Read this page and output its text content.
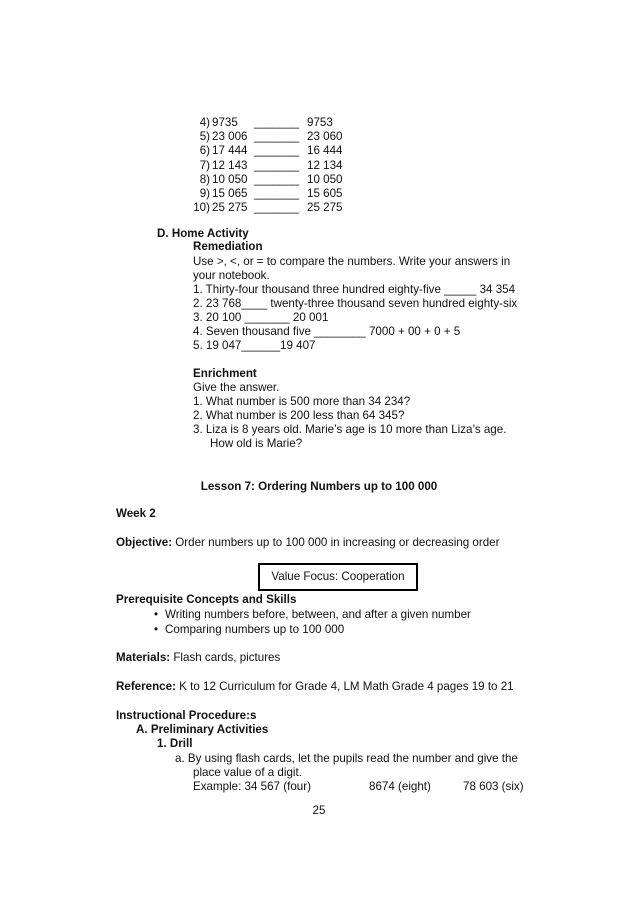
4) 9735 _______ 9753
5) 23 006 _______ 23 060
6) 17 444 _______ 16 444
7) 12 143 _______ 12 134
8) 10 050 _______ 10 050
9) 15 065 _______ 15 605
10) 25 275 _______ 25 275
D. Home Activity
Remediation
Use >, <, or = to compare the numbers. Write your answers in
your notebook.
1. Thirty-four thousand three hundred eighty-five _____ 34 354
2. 23 768____ twenty-three thousand seven hundred eighty-six
3. 20 100 _______ 20 001
4. Seven thousand five ________ 7000 + 00 + 0 + 5
5. 19 047______19 407
Enrichment
Give the answer.
1. What number is 500 more than 34 234?
2. What number is 200 less than 64 345?
3. Liza is 8 years old. Marie’s age is 10 more than Liza’s age.
How old is Marie?
Lesson 7: Ordering Numbers up to 100 000
Week 2
Objective: Order numbers up to 100 000 in increasing or decreasing order
Value Focus: Cooperation
Prerequisite Concepts and Skills
• Writing numbers before, between, and after a given number
• Comparing numbers up to 100 000
Materials: Flash cards, pictures
Reference: K to 12 Curriculum for Grade 4, LM Math Grade 4 pages 19 to 21
Instructional Procedure:s
A. Preliminary Activities
1. Drill
a. By using flash cards, let the pupils read the number and give the
place value of a digit.
Example: 34 567 (four)	8674 (eight)	78 603 (six)
25
